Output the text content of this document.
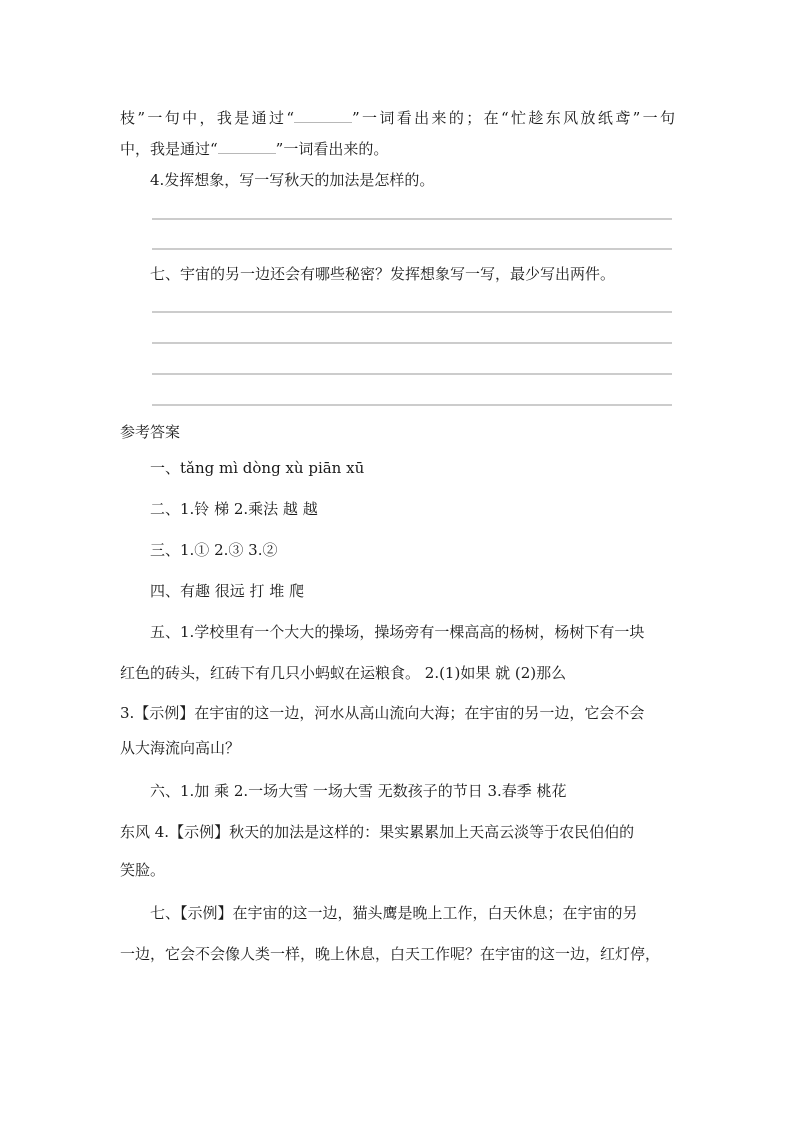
枝”一句中，我是通过“	”一词看出来的；在“忙趁东风放纸鸢”一句
中，我是通过“	”一词看出来的。
4.发挥想象，写一写秋天的加法是怎样的。
七、宇宙的另一边还会有哪些秘密？发挥想象写一写，最少写出两件。
参考答案
一、tǎng mì dòng xù piān xū
二、1.铃 梯 2.乘法 越 越
三、1.① 2.③ 3.②
四、有趣 很远 打 堆 爬
五、1.学校里有一个大大的操场，操场旁有一棵高高的杨树，杨树下有一块
红色的砖头，红砖下有几只小蚂蚁在运粮食。 2.(1)如果 就 (2)那么
3.【示例】在宇宙的这一边，河水从高山流向大海；在宇宙的另一边，它会不会
从大海流向高山？
六、1.加 乘 2.一场大雪 一场大雪 无数孩子的节日 3.春季 桃花
东风 4.【示例】秋天的加法是这样的：果实累累加上天高云淡等于农民伯伯的
笑脸。
七、【示例】在宇宙的这一边，猫头鹰是晚上工作，白天休息；在宇宙的另
一边，它会不会像人类一样，晚上休息，白天工作呢？在宇宙的这一边，红灯停，
